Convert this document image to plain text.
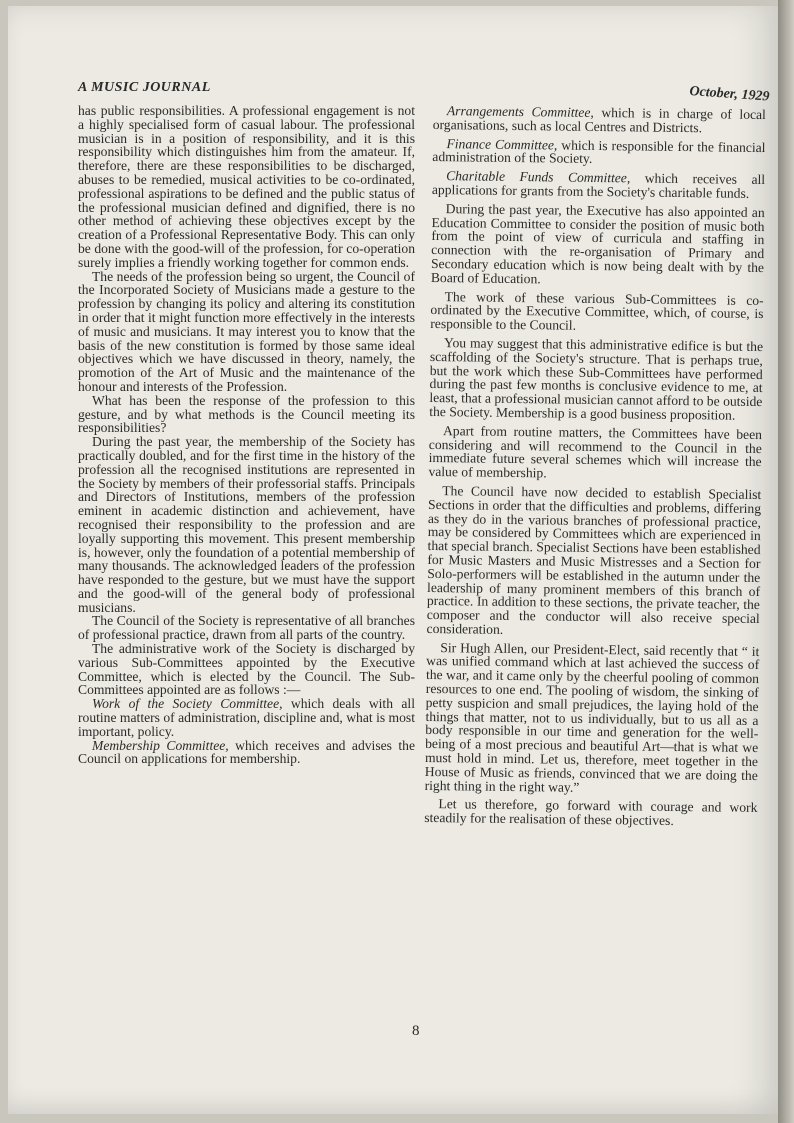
A MUSIC JOURNAL	October, 1929

has public responsibilities. A professional engagement is not a highly specialised form of casual labour. The professional musician is in a position of responsibility, and it is this responsibility which distinguishes him from the amateur. If, therefore, there are these responsibilities to be discharged, abuses to be remedied, musical activities to be co-ordinated, professional aspirations to be defined and the public status of the professional musician defined and dignified, there is no other method of achieving these objectives except by the creation of a Professional Representative Body. This can only be done with the good-will of the profession, for co-operation surely implies a friendly working together for common ends.

The needs of the profession being so urgent, the Council of the Incorporated Society of Musicians made a gesture to the profession by changing its policy and altering its constitution in order that it might function more effectively in the interests of music and musicians. It may interest you to know that the basis of the new constitution is formed by those same ideal objectives which we have discussed in theory, namely, the promotion of the Art of Music and the maintenance of the honour and interests of the Profession.

What has been the response of the profession to this gesture, and by what methods is the Council meeting its responsibilities?

During the past year, the membership of the Society has practically doubled, and for the first time in the history of the profession all the recognised institutions are represented in the Society by members of their professorial staffs. Principals and Directors of Institutions, members of the profession eminent in academic distinction and achievement, have recognised their responsibility to the profession and are loyally supporting this movement. This present membership is, however, only the foundation of a potential membership of many thousands. The acknowledged leaders of the profession have responded to the gesture, but we must have the support and the good-will of the general body of professional musicians.

The Council of the Society is representative of all branches of professional practice, drawn from all parts of the country.

The administrative work of the Society is discharged by various Sub-Committees appointed by the Executive Committee, which is elected by the Council. The Sub-Committees appointed are as follows :—

Work of the Society Committee, which deals with all routine matters of administration, discipline and, what is most important, policy.

Membership Committee, which receives and advises the Council on applications for membership.

Arrangements Committee, which is in charge of local organisations, such as local Centres and Districts.

Finance Committee, which is responsible for the financial administration of the Society.

Charitable Funds Committee, which receives all applications for grants from the Society's charitable funds.

During the past year, the Executive has also appointed an Education Committee to consider the position of music both from the point of view of curricula and staffing in connection with the re-organisation of Primary and Secondary education which is now being dealt with by the Board of Education.

The work of these various Sub-Committees is co-ordinated by the Executive Committee, which, of course, is responsible to the Council.

You may suggest that this administrative edifice is but the scaffolding of the Society's structure. That is perhaps true, but the work which these Sub-Committees have performed during the past few months is conclusive evidence to me, at least, that a professional musician cannot afford to be outside the Society. Membership is a good business proposition.

Apart from routine matters, the Committees have been considering and will recommend to the Council in the immediate future several schemes which will increase the value of membership.

The Council have now decided to establish Specialist Sections in order that the difficulties and problems, differing as they do in the various branches of professional practice, may be considered by Committees which are experienced in that special branch. Specialist Sections have been established for Music Masters and Music Mistresses and a Section for Solo-performers will be established in the autumn under the leadership of many prominent members of this branch of practice. In addition to these sections, the private teacher, the composer and the conductor will also receive special consideration.

Sir Hugh Allen, our President-Elect, said recently that “ it was unified command which at last achieved the success of the war, and it came only by the cheerful pooling of common resources to one end. The pooling of wisdom, the sinking of petty suspicion and small prejudices, the laying hold of the things that matter, not to us individually, but to us all as a body responsible in our time and generation for the well-being of a most precious and beautiful Art—that is what we must hold in mind. Let us, therefore, meet together in the House of Music as friends, convinced that we are doing the right thing in the right way.”

Let us therefore, go forward with courage and work steadily for the realisation of these objectives.

8
